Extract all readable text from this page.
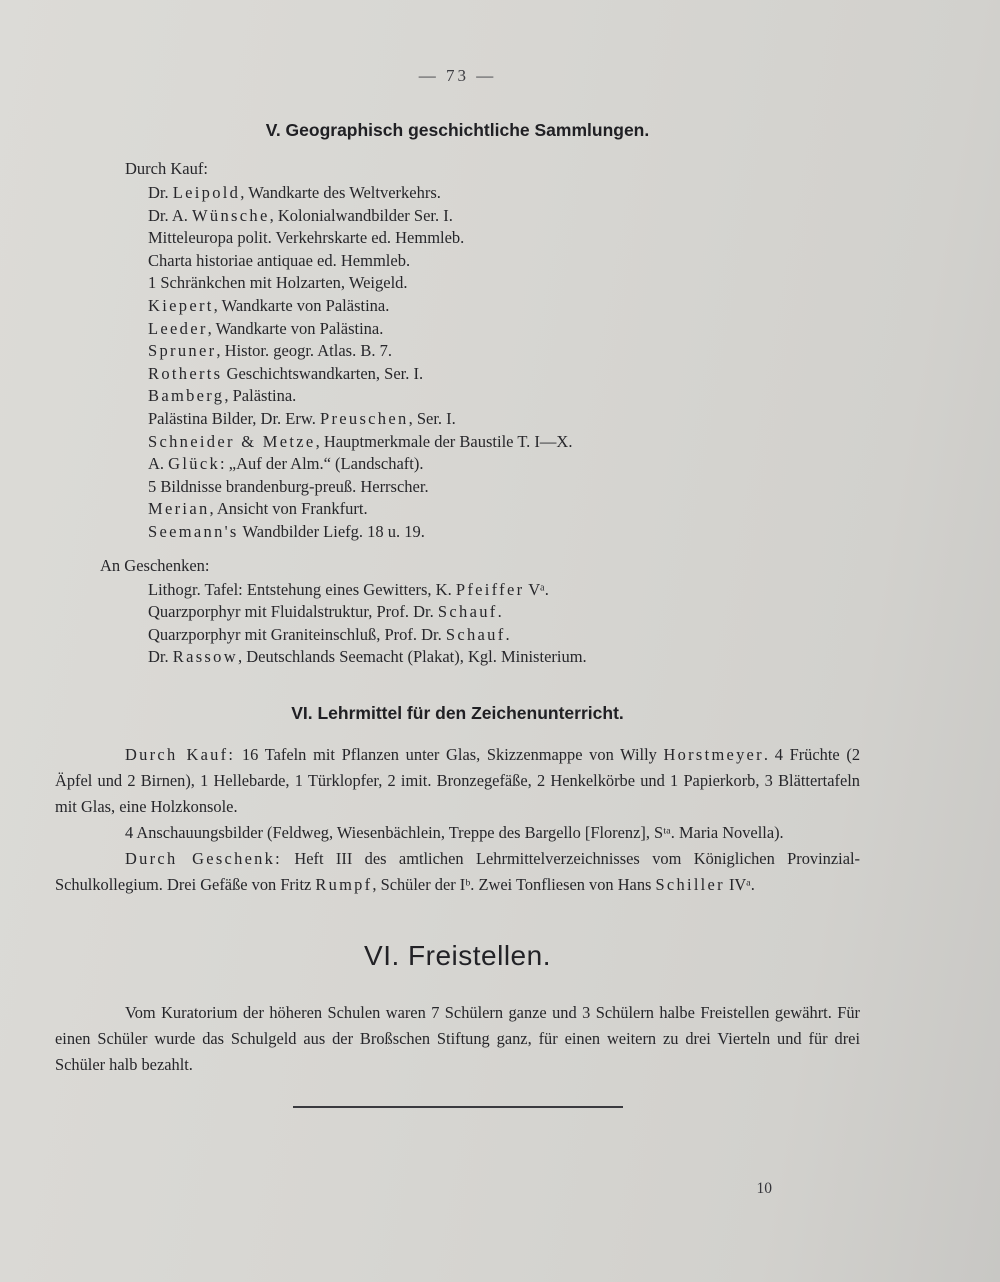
— 73 —
V. Geographisch geschichtliche Sammlungen.
Durch Kauf:
Dr. Leipold, Wandkarte des Weltverkehrs.
Dr. A. Wünsche, Kolonialwandbilder Ser. I.
Mitteleuropa polit. Verkehrskarte ed. Hemmleb.
Charta historiae antiquae ed. Hemmleb.
1 Schränkchen mit Holzarten, Weigeld.
Kiepert, Wandkarte von Palästina.
Leeder, Wandkarte von Palästina.
Spruner, Histor. geogr. Atlas. B. 7.
Rotherts Geschichtswandkarten, Ser. I.
Bamberg, Palästina.
Palästina Bilder, Dr. Erw. Preuschen, Ser. I.
Schneider & Metze, Hauptmerkmale der Baustile T. I—X.
A. Glück: „Auf der Alm.“ (Landschaft).
5 Bildnisse brandenburg-preuß. Herrscher.
Merian, Ansicht von Frankfurt.
Seemann's Wandbilder Liefg. 18 u. 19.
An Geschenken:
Lithogr. Tafel: Entstehung eines Gewitters, K. Pfeiffer Vᵃ.
Quarzporphyr mit Fluidalstruktur, Prof. Dr. Schauf.
Quarzporphyr mit Graniteinschluß, Prof. Dr. Schauf.
Dr. Rassow, Deutschlands Seemacht (Plakat), Kgl. Ministerium.
VI. Lehrmittel für den Zeichenunterricht.

Durch Kauf: 16 Tafeln mit Pflanzen unter Glas, Skizzenmappe von Willy Horstmeyer. 4 Früchte (2 Äpfel und 2 Birnen), 1 Hellebarde, 1 Türklopfer, 2 imit. Bronzegefäße, 2 Henkelkörbe und 1 Papierkorb, 3 Blättertafeln mit Glas, eine Holzkonsole.

4 Anschauungsbilder (Feldweg, Wiesenbächlein, Treppe des Bargello [Florenz], Sᵗᵃ. Maria Novella).

Durch Geschenk: Heft III des amtlichen Lehrmittelverzeichnisses vom Königlichen Provinzial-Schulkollegium. Drei Gefäße von Fritz Rumpf, Schüler der Iᵇ. Zwei Tonfliesen von Hans Schiller IVᵃ.

VI. Freistellen.

Vom Kuratorium der höheren Schulen waren 7 Schülern ganze und 3 Schülern halbe Freistellen gewährt. Für einen Schüler wurde das Schulgeld aus der Broßschen Stiftung ganz, für einen weitern zu drei Vierteln und für drei Schüler halb bezahlt.

10
